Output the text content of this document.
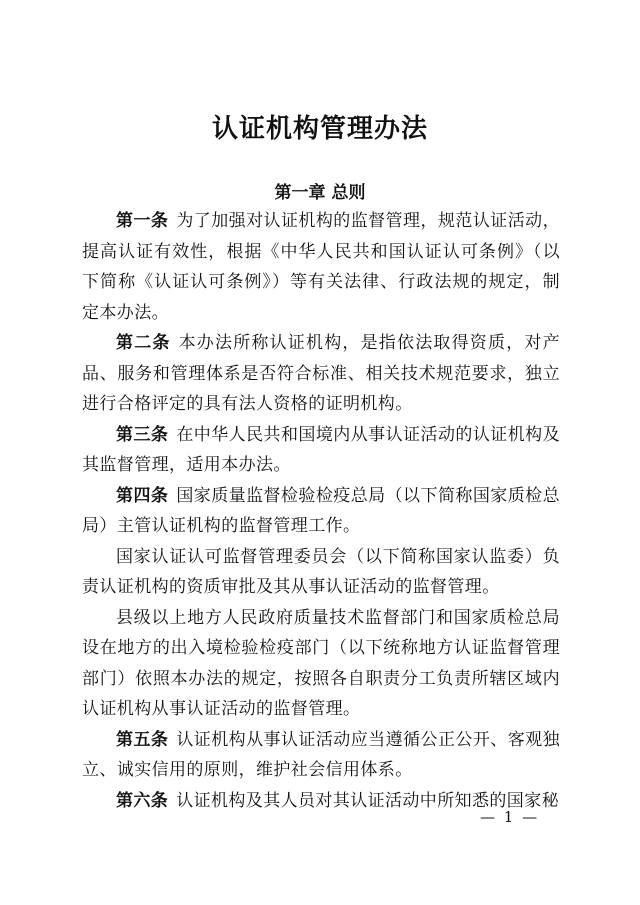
认证机构管理办法
第一章 总则

第一条 为了加强对认证机构的监督管理，规范认证活动，提高认证有效性，根据《中华人民共和国认证认可条例》（以下简称《认证认可条例》）等有关法律、行政法规的规定，制定本办法。

第二条 本办法所称认证机构，是指依法取得资质，对产品、服务和管理体系是否符合标准、相关技术规范要求，独立进行合格评定的具有法人资格的证明机构。

第三条 在中华人民共和国境内从事认证活动的认证机构及其监督管理，适用本办法。

第四条 国家质量监督检验检疫总局（以下简称国家质检总局）主管认证机构的监督管理工作。

国家认证认可监督管理委员会（以下简称国家认监委）负责认证机构的资质审批及其从事认证活动的监督管理。

县级以上地方人民政府质量技术监督部门和国家质检总局设在地方的出入境检验检疫部门（以下统称地方认证监督管理部门）依照本办法的规定，按照各自职责分工负责所辖区域内认证机构从事认证活动的监督管理。

第五条 认证机构从事认证活动应当遵循公正公开、客观独立、诚实信用的原则，维护社会信用体系。

第六条 认证机构及其人员对其认证活动中所知悉的国家秘

— 1 —
